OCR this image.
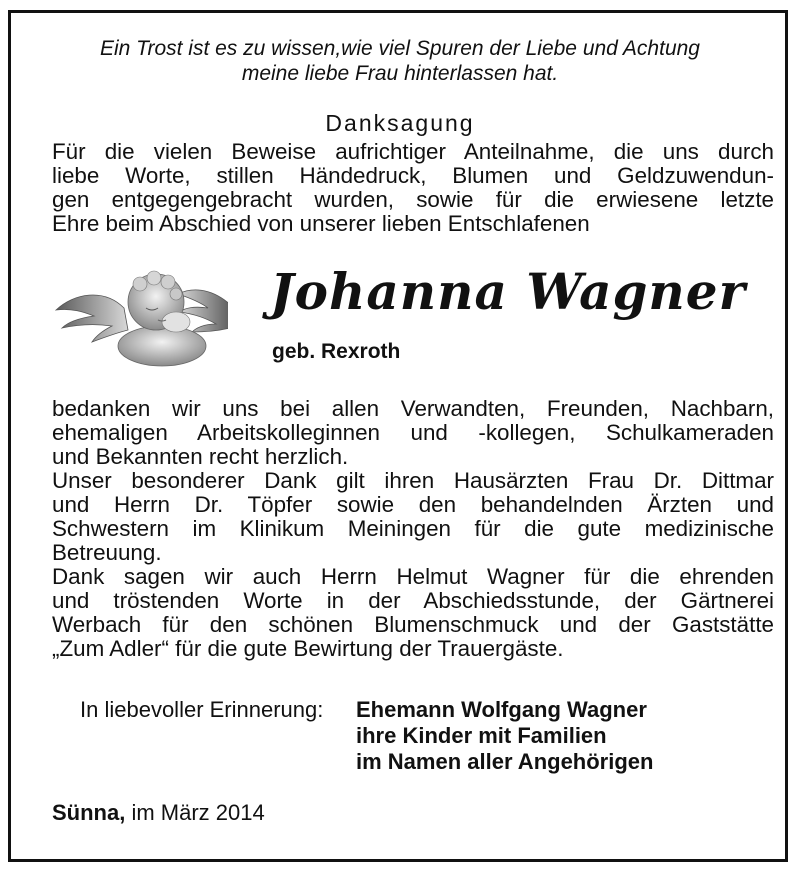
Ein Trost ist es zu wissen,wie viel Spuren der Liebe und Achtung
meine liebe Frau hinterlassen hat.
Danksagung
Für die vielen Beweise aufrichtiger Anteilnahme, die uns durch
liebe Worte, stillen Händedruck, Blumen und Geldzuwendun-
gen entgegengebracht wurden, sowie für die erwiesene letzte
Ehre beim Abschied von unserer lieben Entschlafenen
Johanna Wagner
geb. Rexroth
bedanken wir uns bei allen Verwandten, Freunden, Nachbarn,
ehemaligen Arbeitskolleginnen und -kollegen, Schulkameraden
und Bekannten recht herzlich.
Unser besonderer Dank gilt ihren Hausärzten Frau Dr. Dittmar
und Herrn Dr. Töpfer sowie den behandelnden Ärzten und
Schwestern im Klinikum Meiningen für die gute medizinische
Betreuung.
Dank sagen wir auch Herrn Helmut Wagner für die ehrenden
und tröstenden Worte in der Abschiedsstunde, der Gärtnerei
Werbach für den schönen Blumenschmuck und der Gaststätte
„Zum Adler“ für die gute Bewirtung der Trauergäste.
In liebevoller Erinnerung: Ehemann Wolfgang Wagner
ihre Kinder mit Familien
im Namen aller Angehörigen
Sünna, im März 2014
